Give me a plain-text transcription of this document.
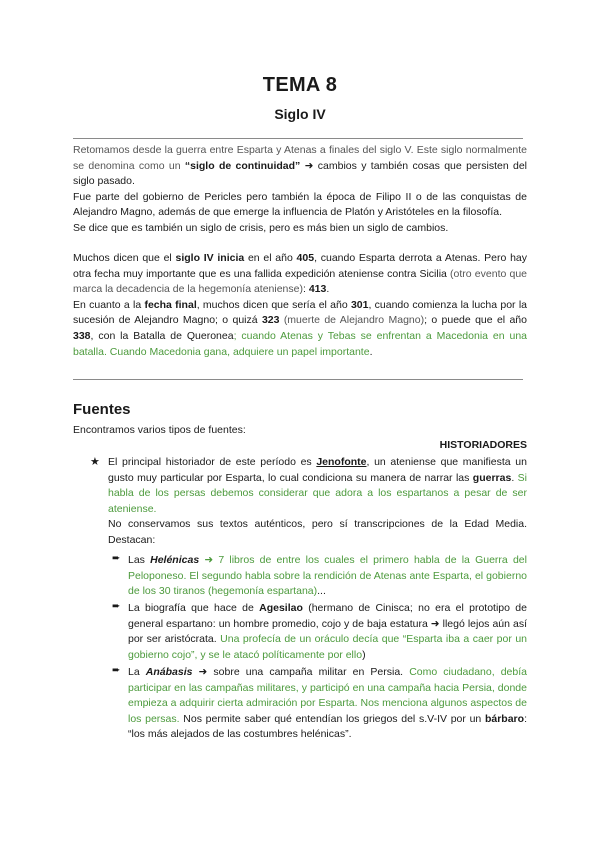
TEMA 8
Siglo IV
Retomamos desde la guerra entre Esparta y Atenas a finales del siglo V. Este siglo normalmente se denomina como un “siglo de continuidad” ➜ cambios y también cosas que persisten del siglo pasado.
Fue parte del gobierno de Pericles pero también la época de Filipo II o de las conquistas de Alejandro Magno, además de que emerge la influencia de Platón y Aristóteles en la filosofía.
Se dice que es también un siglo de crisis, pero es más bien un siglo de cambios.
Muchos dicen que el siglo IV inicia en el año 405, cuando Esparta derrota a Atenas. Pero hay otra fecha muy importante que es una fallida expedición ateniense contra Sicilia (otro evento que marca la decadencia de la hegemonía ateniense): 413.
En cuanto a la fecha final, muchos dicen que sería el año 301, cuando comienza la lucha por la sucesión de Alejandro Magno; o quizá 323 (muerte de Alejandro Magno); o puede que el año 338, con la Batalla de Queronea; cuando Atenas y Tebas se enfrentan a Macedonia en una batalla. Cuando Macedonia gana, adquiere un papel importante.
Fuentes
Encontramos varios tipos de fuentes:
HISTORIADORES
★ El principal historiador de este período es Jenofonte, un ateniense que manifiesta un gusto muy particular por Esparta, lo cual condiciona su manera de narrar las guerras. Si habla de los persas debemos considerar que adora a los espartanos a pesar de ser ateniense.
No conservamos sus textos auténticos, pero sí transcripciones de la Edad Media. Destacan:
➨ Las Helénicas ➜ 7 libros de entre los cuales el primero habla de la Guerra del Peloponeso. El segundo habla sobre la rendición de Atenas ante Esparta, el gobierno de los 30 tiranos (hegemonía espartana)...
➨ La biografía que hace de Agesilao (hermano de Ciniscа; no era el prototipo de general espartano: un hombre promedio, cojo y de baja estatura ➜ llegó lejos aún así por ser aristócrata. Una profecía de un oráculo decía que “Esparta iba a caer por un gobierno cojo”, y se le atacó políticamente por ello)
➨ La Anábasis ➜ sobre una campaña militar en Persia. Como ciudadano, debía participar en las campañas militares, y participó en una campaña hacia Persia, donde empieza a adquirir cierta admiración por Esparta. Nos menciona algunos aspectos de los persas. Nos permite saber qué entendían los griegos del s.V-IV por un bárbaro: “los más alejados de las costumbres helénicas”.
